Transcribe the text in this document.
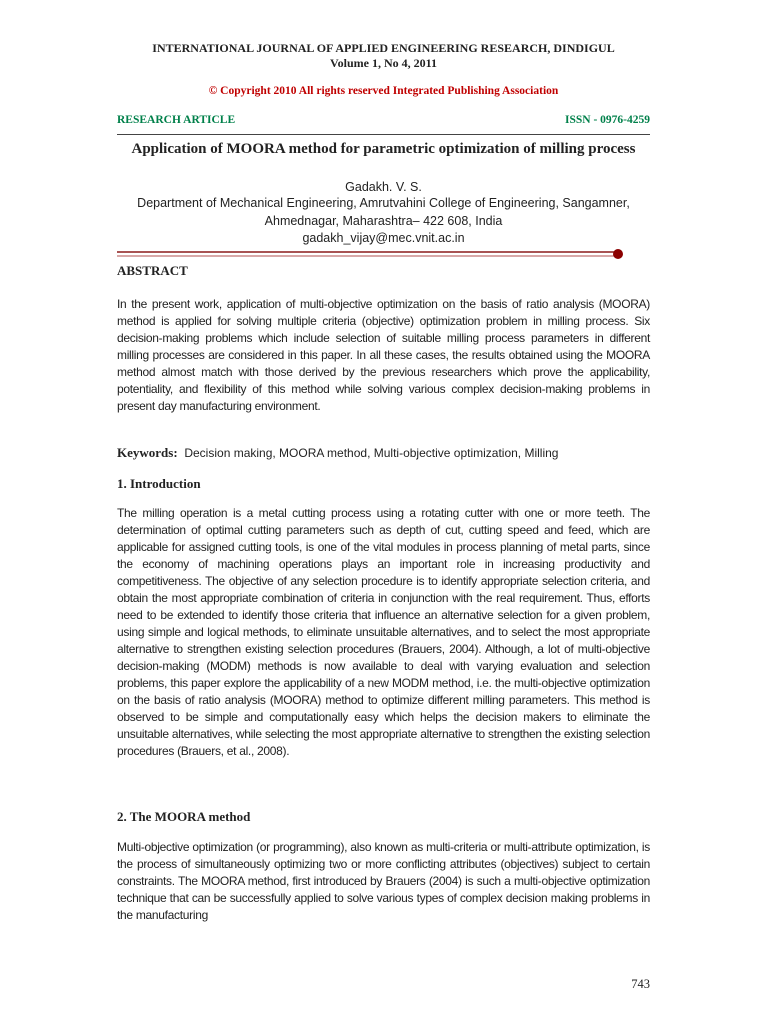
INTERNATIONAL JOURNAL OF APPLIED ENGINEERING RESEARCH, DINDIGUL
Volume 1, No 4, 2011
© Copyright 2010 All rights reserved Integrated Publishing Association
RESEARCH ARTICLE	ISSN - 0976-4259
Application of MOORA method for parametric optimization of milling process
Gadakh. V. S.
Department of Mechanical Engineering, Amrutvahini College of Engineering, Sangamner, Ahmednagar, Maharashtra– 422 608, India
gadakh_vijay@mec.vnit.ac.in
ABSTRACT

In the present work, application of multi-objective optimization on the basis of ratio analysis (MOORA) method is applied for solving multiple criteria (objective) optimization problem in milling process. Six decision-making problems which include selection of suitable milling process parameters in different milling processes are considered in this paper. In all these cases, the results obtained using the MOORA method almost match with those derived by the previous researchers which prove the applicability, potentiality, and flexibility of this method while solving various complex decision-making problems in present day manufacturing environment.

Keywords: Decision making, MOORA method, Multi-objective optimization, Milling
1. Introduction

The milling operation is a metal cutting process using a rotating cutter with one or more teeth. The determination of optimal cutting parameters such as depth of cut, cutting speed and feed, which are applicable for assigned cutting tools, is one of the vital modules in process planning of metal parts, since the economy of machining operations plays an important role in increasing productivity and competitiveness. The objective of any selection procedure is to identify appropriate selection criteria, and obtain the most appropriate combination of criteria in conjunction with the real requirement. Thus, efforts need to be extended to identify those criteria that influence an alternative selection for a given problem, using simple and logical methods, to eliminate unsuitable alternatives, and to select the most appropriate alternative to strengthen existing selection procedures (Brauers, 2004). Although, a lot of multi-objective decision-making (MODM) methods is now available to deal with varying evaluation and selection problems, this paper explore the applicability of a new MODM method, i.e. the multi-objective optimization on the basis of ratio analysis (MOORA) method to optimize different milling parameters. This method is observed to be simple and computationally easy which helps the decision makers to eliminate the unsuitable alternatives, while selecting the most appropriate alternative to strengthen the existing selection procedures (Brauers, et al., 2008).

2. The MOORA method

Multi-objective optimization (or programming), also known as multi-criteria or multi-attribute optimization, is the process of simultaneously optimizing two or more conflicting attributes (objectives) subject to certain constraints. The MOORA method, first introduced by Brauers (2004) is such a multi-objective optimization technique that can be successfully applied to solve various types of complex decision making problems in the manufacturing

743
